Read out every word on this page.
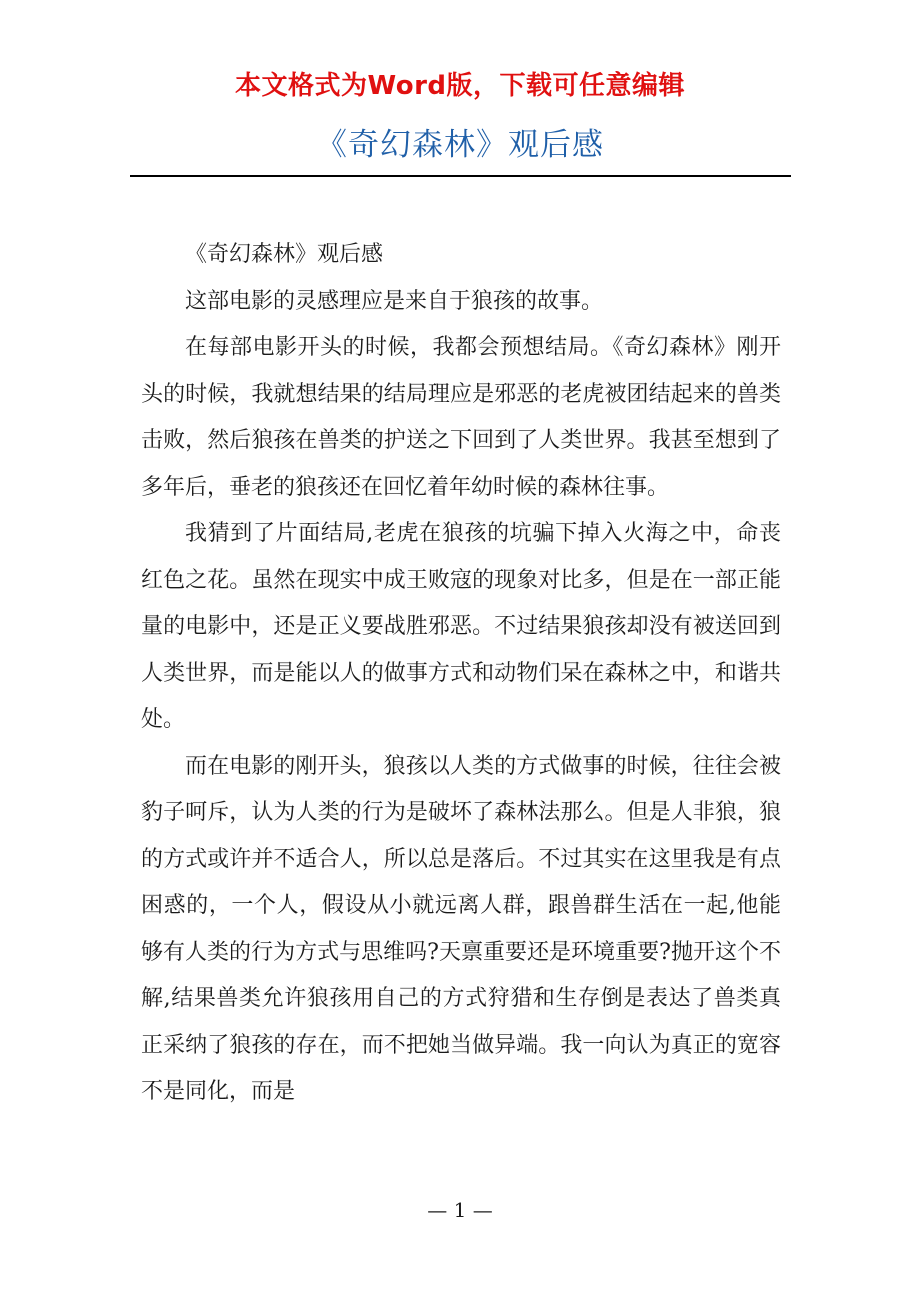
本文格式为Word版，下载可任意编辑
《奇幻森林》观后感

《奇幻森林》观后感

这部电影的灵感理应是来自于狼孩的故事。

在每部电影开头的时候，我都会预想结局。《奇幻森林》刚开头的时候，我就想结果的结局理应是邪恶的老虎被团结起来的兽类击败，然后狼孩在兽类的护送之下回到了人类世界。我甚至想到了多年后，垂老的狼孩还在回忆着年幼时候的森林往事。

我猜到了片面结局,老虎在狼孩的坑骗下掉入火海之中，命丧红色之花。虽然在现实中成王败寇的现象对比多，但是在一部正能量的电影中，还是正义要战胜邪恶。不过结果狼孩却没有被送回到人类世界，而是能以人的做事方式和动物们呆在森林之中，和谐共处。

而在电影的刚开头，狼孩以人类的方式做事的时候，往往会被豹子呵斥，认为人类的行为是破坏了森林法那么。但是人非狼，狼的方式或许并不适合人，所以总是落后。不过其实在这里我是有点困惑的，一个人，假设从小就远离人群，跟兽群生活在一起,他能够有人类的行为方式与思维吗?天禀重要还是环境重要?抛开这个不解,结果兽类允许狼孩用自己的方式狩猎和生存倒是表达了兽类真正采纳了狼孩的存在，而不把她当做异端。我一向认为真正的宽容不是同化，而是

— 1 —
